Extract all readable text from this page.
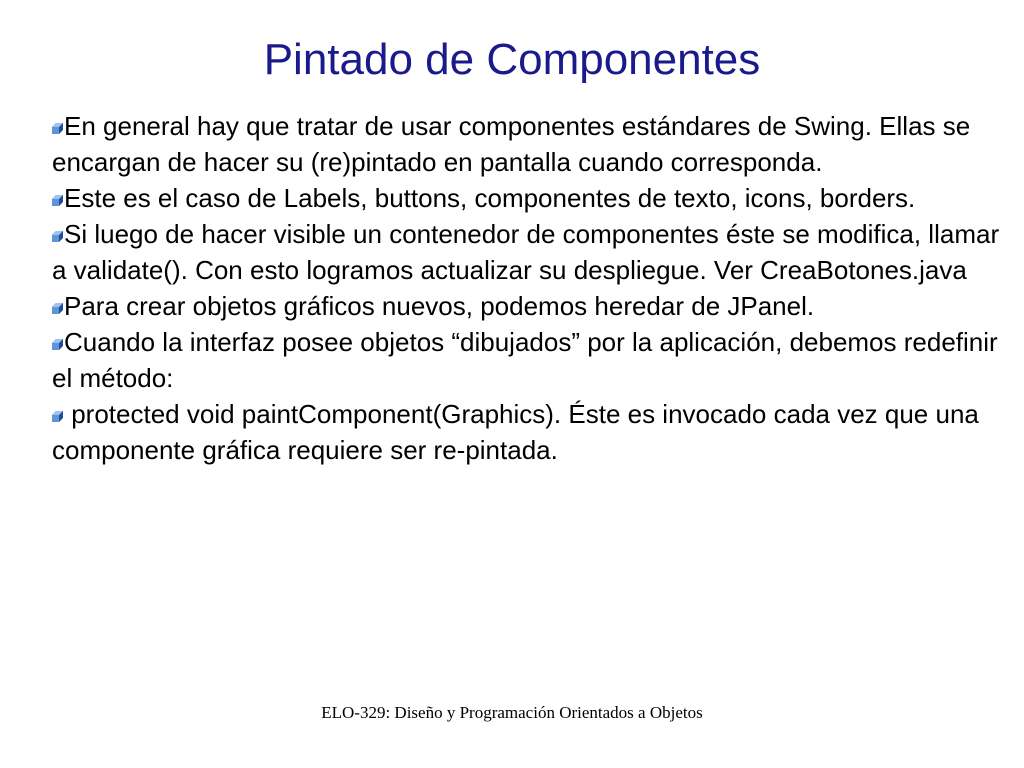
Pintado de Componentes
En general hay que tratar de usar componentes estándares de Swing. Ellas se encargan de hacer su (re)pintado en pantalla cuando corresponda.
Este es el caso de Labels, buttons, componentes de texto, icons, borders.
Si luego de hacer visible un contenedor de componentes éste se modifica, llamar a validate(). Con esto logramos actualizar su despliegue. Ver CreaBotones.java
Para crear objetos gráficos nuevos, podemos heredar de JPanel.
Cuando la interfaz posee objetos “dibujados” por la aplicación, debemos redefinir el método:
protected void paintComponent(Graphics). Éste es invocado cada vez que una componente gráfica requiere ser re-pintada.
ELO-329: Diseño y Programación Orientados a Objetos
